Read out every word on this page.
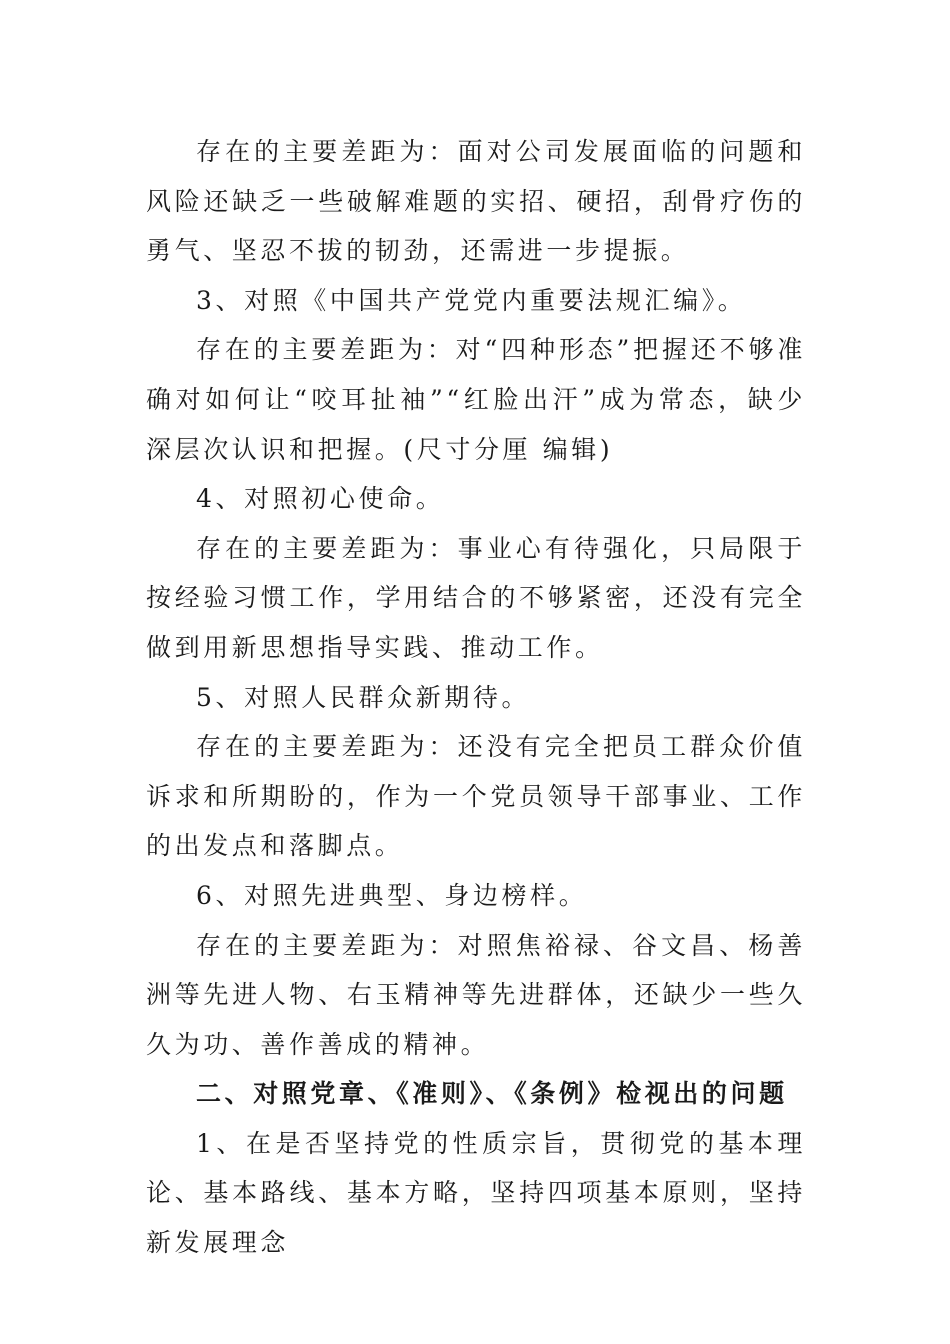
存在的主要差距为：面对公司发展面临的问题和风险还缺乏一些破解难题的实招、硬招，刮骨疗伤的勇气、坚忍不拔的韧劲，还需进一步提振。

3、对照《中国共产党党内重要法规汇编》。

存在的主要差距为：对“四种形态”把握还不够准确对如何让“咬耳扯袖”“红脸出汗”成为常态，缺少深层次认识和把握。(尺寸分厘 编辑)

4、对照初心使命。

存在的主要差距为：事业心有待强化，只局限于按经验习惯工作，学用结合的不够紧密，还没有完全做到用新思想指导实践、推动工作。

5、对照人民群众新期待。

存在的主要差距为：还没有完全把员工群众价值诉求和所期盼的，作为一个党员领导干部事业、工作的出发点和落脚点。

6、对照先进典型、身边榜样。

存在的主要差距为：对照焦裕禄、谷文昌、杨善洲等先进人物、右玉精神等先进群体，还缺少一些久久为功、善作善成的精神。

二、对照党章、《准则》、《条例》检视出的问题

1、在是否坚持党的性质宗旨，贯彻党的基本理论、基本路线、基本方略，坚持四项基本原则，坚持新发展理念
